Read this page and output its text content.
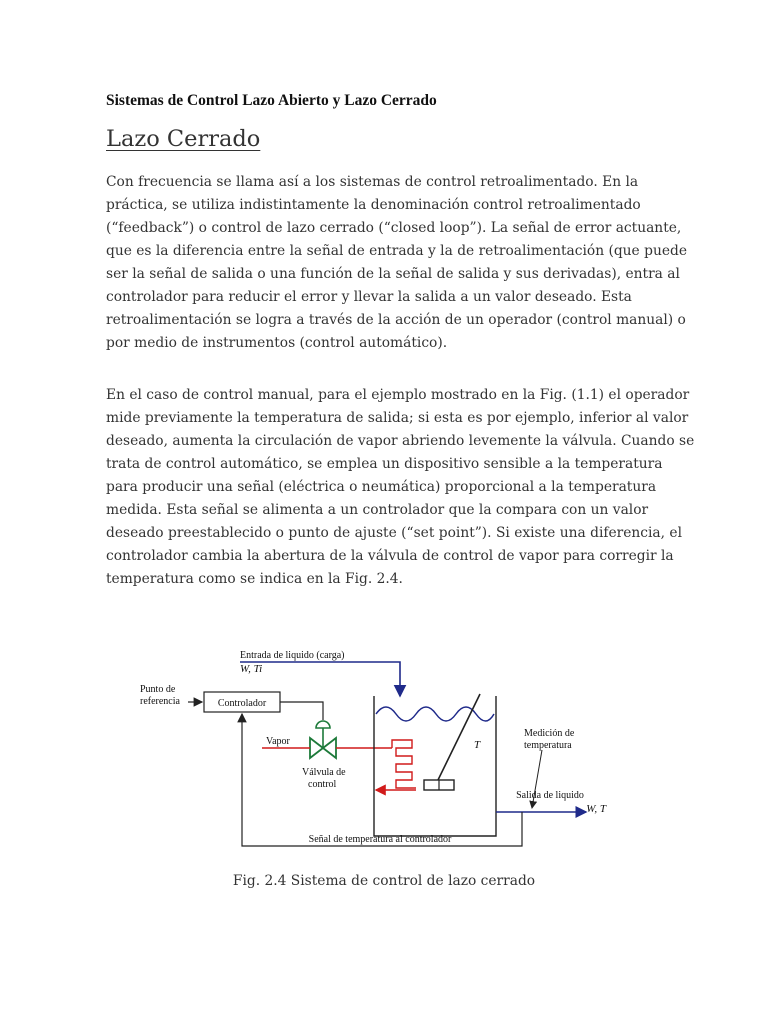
Sistemas de Control Lazo Abierto y Lazo Cerrado
Lazo Cerrado
Con frecuencia se llama así a los sistemas de control retroalimentado. En la
práctica, se utiliza indistintamente la denominación control retroalimentado
(“feedback”) o control de lazo cerrado (“closed loop”). La señal de error actuante,
que es la diferencia entre la señal de entrada y la de retroalimentación (que puede
ser la señal de salida o una función de la señal de salida y sus derivadas), entra al
controlador para reducir el error y llevar la salida a un valor deseado. Esta
retroalimentación se logra a través de la acción de un operador (control manual) o
por medio de instrumentos (control automático).
En el caso de control manual, para el ejemplo mostrado en la Fig. (1.1) el operador
mide previamente la temperatura de salida; si esta es por ejemplo, inferior al valor
deseado, aumenta la circulación de vapor abriendo levemente la válvula. Cuando se
trata de control automático, se emplea un dispositivo sensible a la temperatura
para producir una señal (eléctrica o neumática) proporcional a la temperatura
medida. Esta señal se alimenta a un controlador que la compara con un valor
deseado preestablecido o punto de ajuste (“set point”). Si existe una diferencia, el
controlador cambia la abertura de la válvula de control de vapor para corregir la
temperatura como se indica en la Fig. 2.4.
Entrada de liquido (carga)
W, Ti
Punto de
referencia	Controlador
Vapor
Válvula de
control
T
Medición de
temperatura
Salida de liquido
W, T
Señal de temperatura al controlador
Fig. 2.4 Sistema de control de lazo cerrado
